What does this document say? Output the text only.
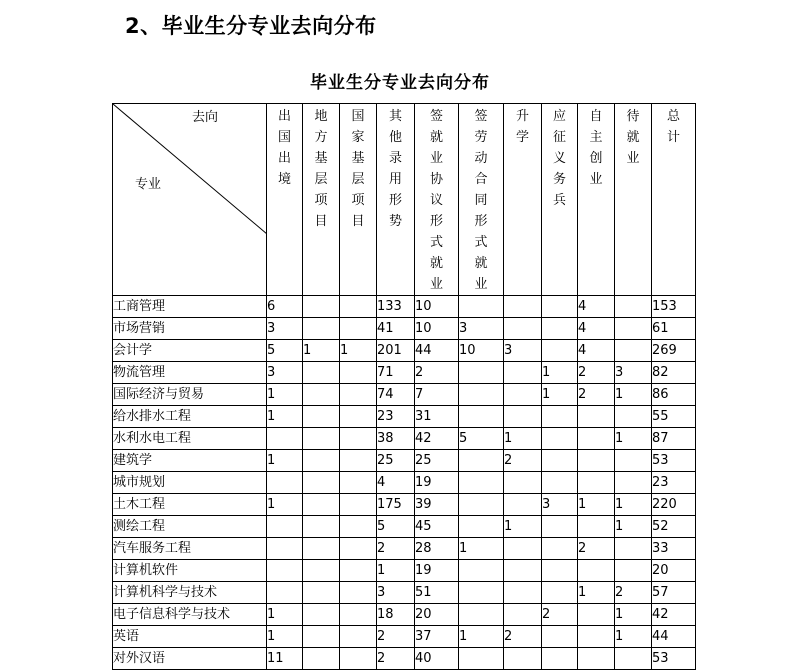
2、毕业生分专业去向分布
毕业生分专业去向分布
去向
专业	出国出境	地方基层项目	国家基层项目	其他录用形势	签就业协议形式就业	签劳动合同形式就业	升学	应征义务兵	自主创业	待就业	总计

工商管理	6			133	10				4		153
市场营销	3			41	10	3			4		61
会计学	5	1	1	201	44	10	3		4		269
物流管理	3			71	2			1	2	3	82
国际经济与贸易	1			74	7			1	2	1	86
给水排水工程	1			23	31						55
水利水电工程				38	42	5	1			1	87
建筑学	1			25	25		2				53
城市规划				4	19						23
土木工程	1			175	39			3	1	1	220
测绘工程				5	45		1			1	52
汽车服务工程				2	28	1			2		33
计算机软件				1	19						20
计算机科学与技术				3	51				1	2	57
电子信息科学与技术	1			18	20			2		1	42
英语	1			2	37	1	2			1	44
对外汉语	11			2	40						53
